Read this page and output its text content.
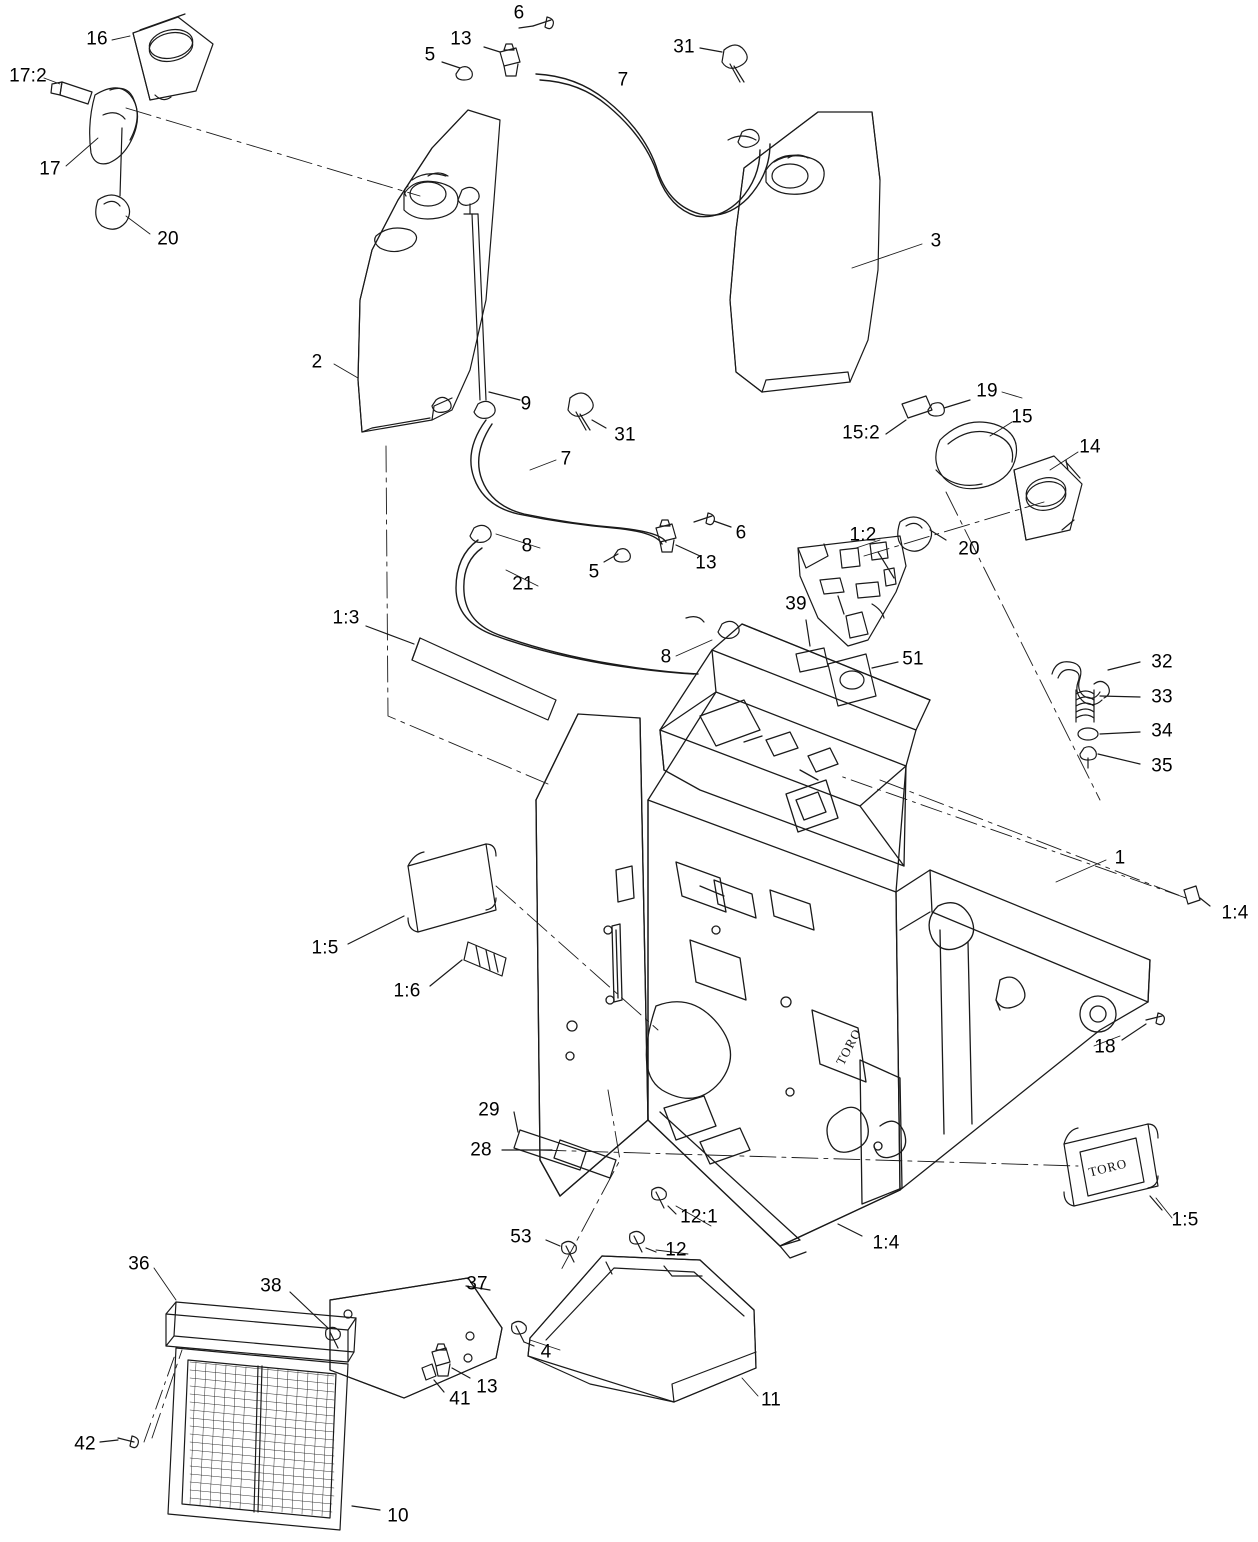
TORO
TORO
16
6
13
5
7
31
17:2
17
20	3
2
9
31
19
15
15:2
14
7
8
13
6
5
20
1:2
21
39
51
1:3
8	32
33
34
35
1
1:4
1:5
1:6
18
29
28
1:5
12:1
1:4
53
12
36
38	37
4
13
41	11
42
10
